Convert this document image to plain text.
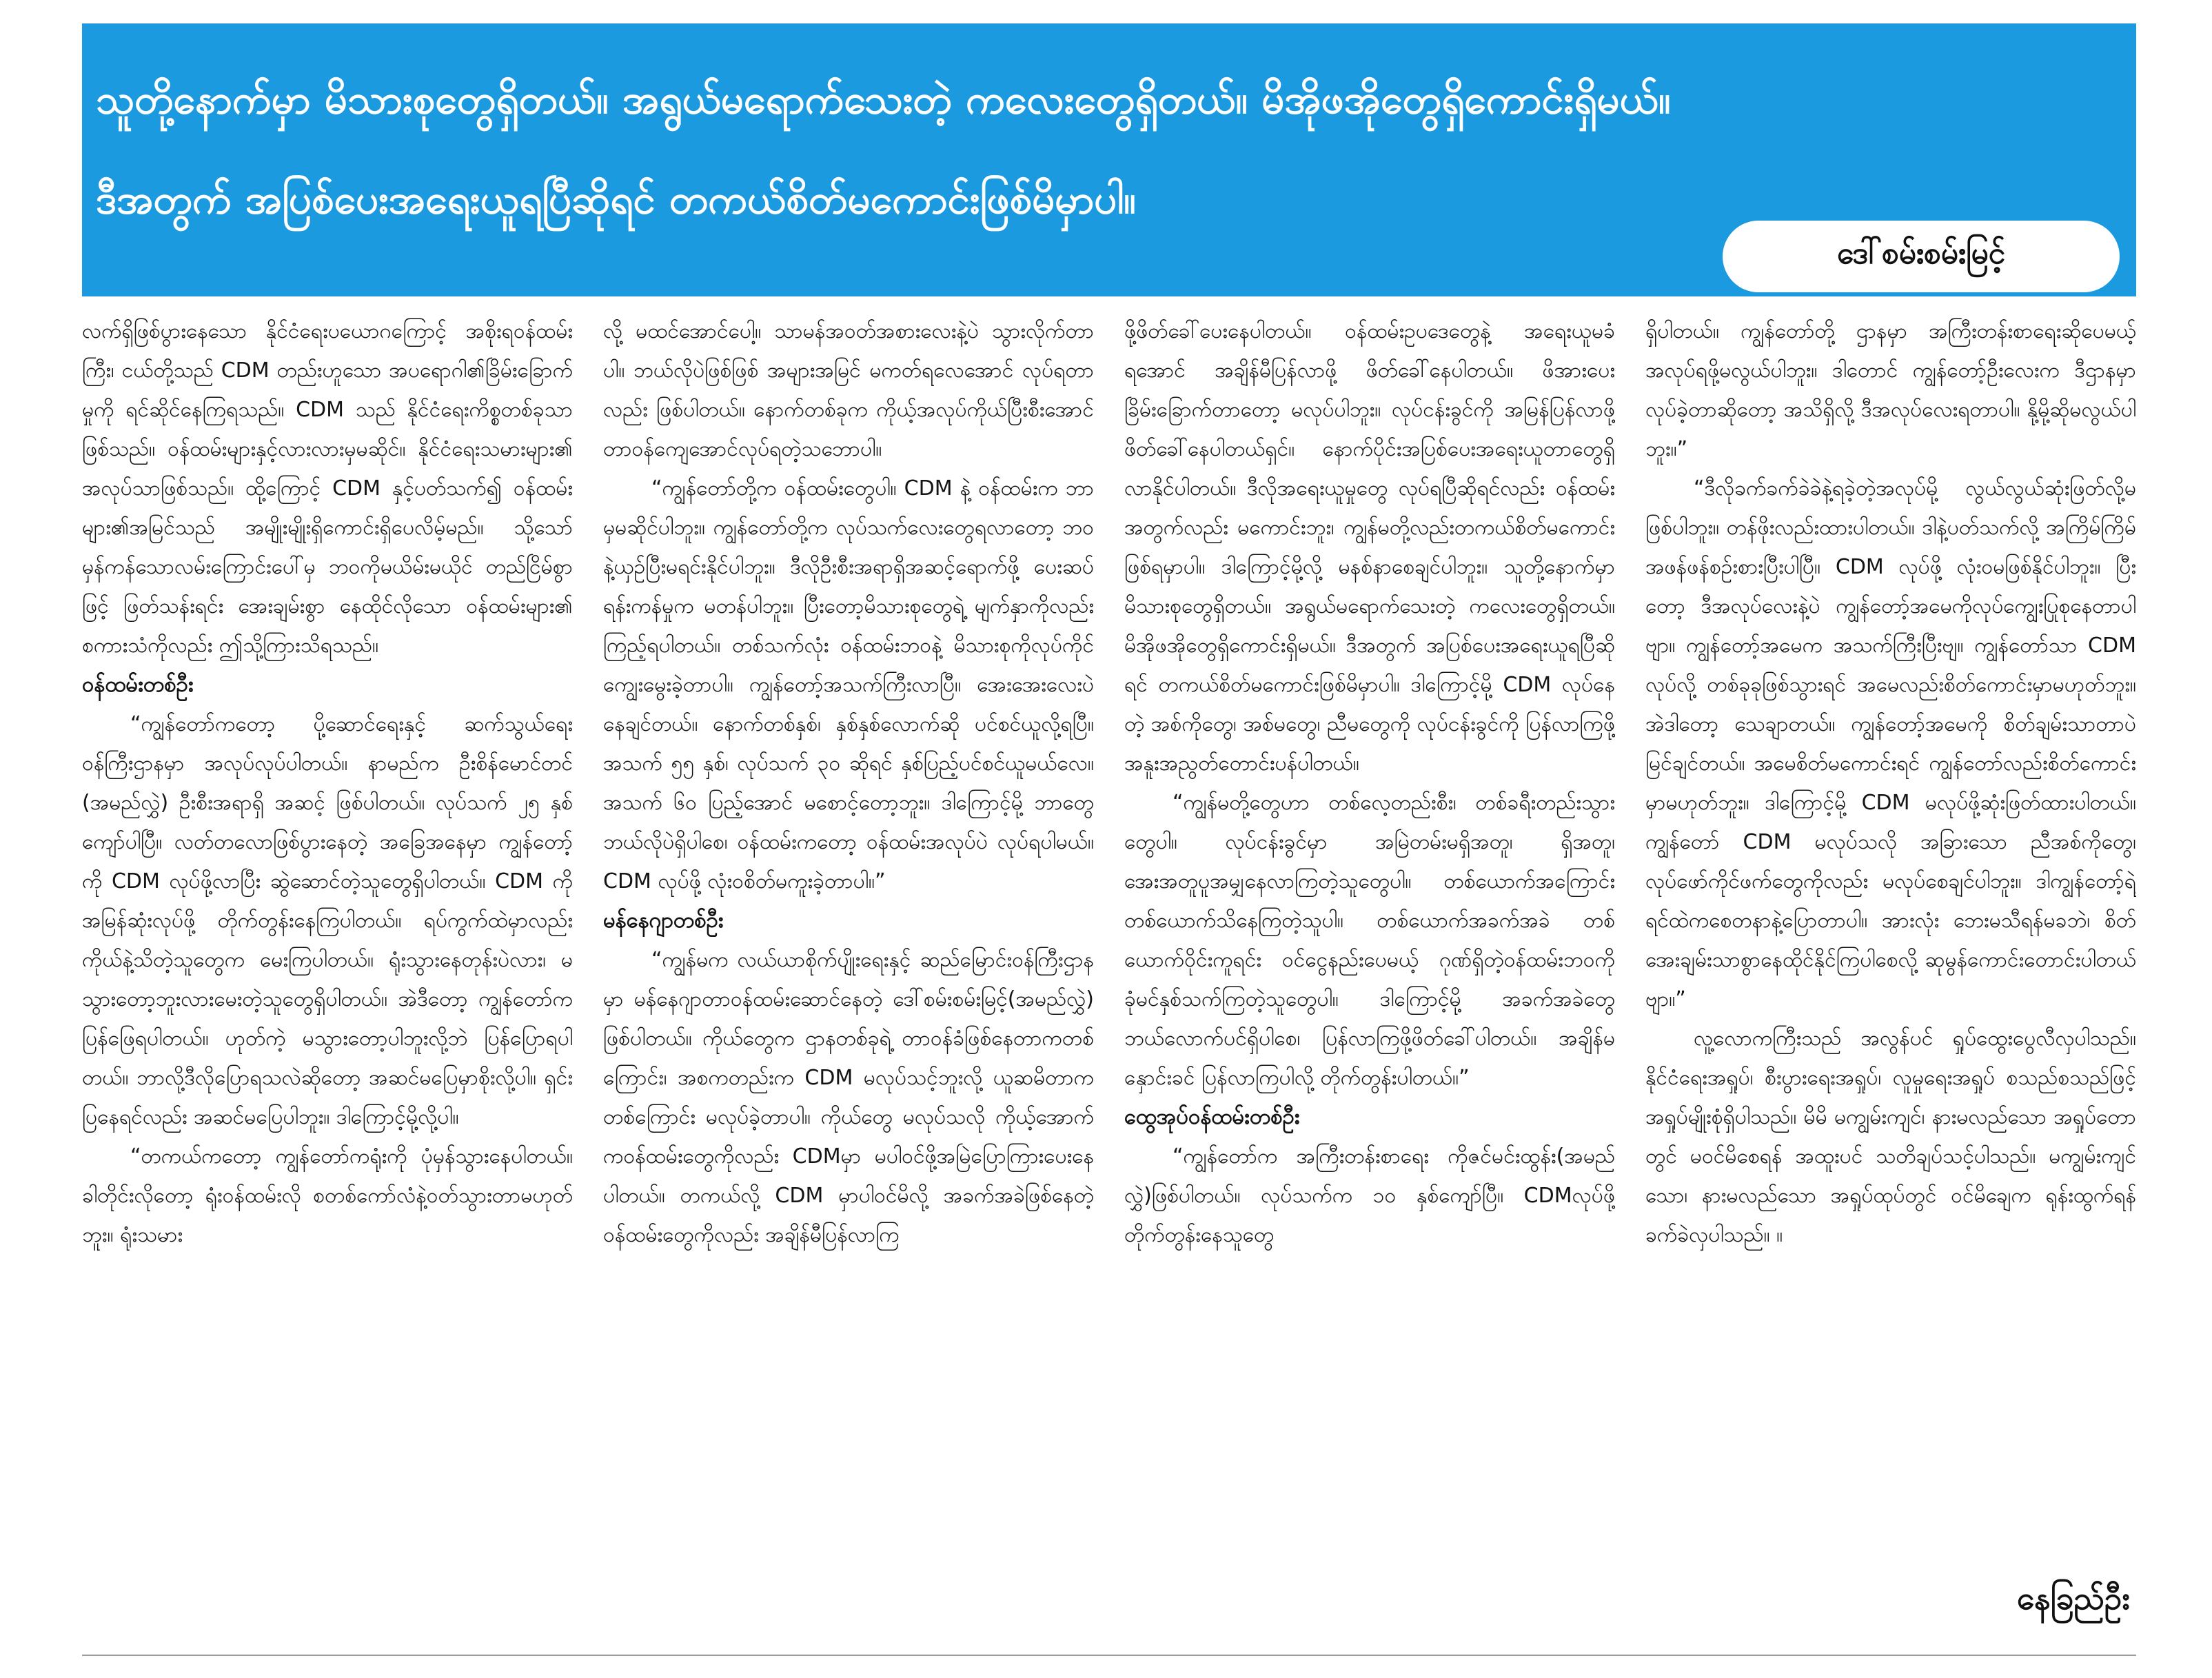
သူတို့နောက်မှာ မိသားစုတွေရှိတယ်။ အရွယ်မရောက်သေးတဲ့ ကလေးတွေရှိတယ်။ မိအိုဖအိုတွေရှိကောင်းရှိမယ်။
ဒီအတွက် အပြစ်ပေးအရေးယူရပြီဆိုရင် တကယ်စိတ်မကောင်းဖြစ်မိမှာပါ။
ဒေါ်စမ်းစမ်းမြင့်

လက်ရှိဖြစ်ပွားနေသော နိုင်ငံရေးပယောဂကြောင့် အစိုးရဝန်ထမ်းကြီး၊ ငယ်တို့သည် CDM တည်းဟူသော အပရောဂါ၏ခြိမ်းခြောက်မှုကို ရင်ဆိုင်နေကြရသည်။ CDM သည် နိုင်ငံရေးကိစ္စတစ်ခုသာဖြစ်သည်။ ဝန်ထမ်းများနှင့်လားလားမှမဆိုင်။ နိုင်ငံရေးသမားများ၏ အလုပ်သာဖြစ်သည်။ ထို့ကြောင့် CDM နှင့်ပတ်သက်၍ ဝန်ထမ်းများ၏အမြင်သည် အမျိုးမျိုးရှိကောင်းရှိပေလိမ့်မည်။ သို့သော် မှန်ကန်သောလမ်းကြောင်းပေါ်မှ ဘဝကိုမယိမ်းမယိုင် တည်ငြိမ်စွာဖြင့် ဖြတ်သန်းရင်း အေးချမ်းစွာ နေထိုင်လိုသော ဝန်ထမ်းများ၏ စကားသံကိုလည်း ဤသို့ကြားသိရသည်။

ဝန်ထမ်းတစ်ဦး

“ကျွန်တော်ကတော့ ပို့ဆောင်ရေးနှင့် ဆက်သွယ်ရေးဝန်ကြီးဌာနမှာ အလုပ်လုပ်ပါတယ်။ နာမည်က ဦးစိန်မောင်တင် (အမည်လွှဲ) ဦးစီးအရာရှိ အဆင့် ဖြစ်ပါတယ်။ လုပ်သက် ၂၅ နှစ်ကျော်ပါပြီ။ လတ်တလောဖြစ်ပွားနေတဲ့ အခြေအနေမှာ ကျွန်တော့်ကို CDM လုပ်ဖို့လာပြီး ဆွဲဆောင်တဲ့သူတွေရှိပါတယ်။ CDM ကို အမြန်ဆုံးလုပ်ဖို့ တိုက်တွန်းနေကြပါတယ်။ ရပ်ကွက်ထဲမှာလည်း ကိုယ်နဲ့သိတဲ့သူတွေက မေးကြပါတယ်။ ရုံးသွားနေတုန်းပဲလား၊ မသွားတော့ဘူးလားမေးတဲ့သူတွေရှိပါတယ်။ အဲဒီတော့ ကျွန်တော်က ပြန်ဖြေရပါတယ်။ ဟုတ်ကဲ့ မသွားတော့ပါဘူးလို့ဘဲ ပြန်ပြောရပါတယ်။ ဘာလို့ဒီလိုပြောရသလဲဆိုတော့ အဆင်မပြေမှာစိုးလို့ပါ။ ရှင်းပြနေရင်လည်း အဆင်မပြေပါဘူး။ ဒါကြောင့်မို့လို့ပါ။

“တကယ်ကတော့ ကျွန်တော်ကရုံးကို ပုံမှန်သွားနေပါတယ်။ ခါတိုင်းလိုတော့ ရုံးဝန်ထမ်းလို စတစ်ကော်လံနဲ့ဝတ်သွားတာမဟုတ်ဘူး။ ရုံးသမား

လို့ မထင်အောင်ပေါ့။ သာမန်အဝတ်အစားလေးနဲ့ပဲ သွားလိုက်တာပါ။ ဘယ်လိုပဲဖြစ်ဖြစ် အများအမြင် မကတ်ရလေအောင် လုပ်ရတာလည်း ဖြစ်ပါတယ်။ နောက်တစ်ခုက ကိုယ့်အလုပ်ကိုယ်ပြီးစီးအောင် တာဝန်ကျေအောင်လုပ်ရတဲ့သဘောပါ။

“ကျွန်တော်တို့က ဝန်ထမ်းတွေပါ။ CDM နဲ့ ဝန်ထမ်းက ဘာမှမဆိုင်ပါဘူး။ ကျွန်တော်တို့က လုပ်သက်လေးတွေရလာတော့ ဘဝနဲ့ယှဉ်ပြီးမရင်းနိုင်ပါဘူး။ ဒီလိုဦးစီးအရာရှိအဆင့်ရောက်ဖို့ ပေးဆပ်ရန်းကန်မှုက မတန်ပါဘူး။ ပြီးတော့မိသားစုတွေရဲ့ မျက်နှာကိုလည်း ကြည့်ရပါတယ်။ တစ်သက်လုံး ဝန်ထမ်းဘဝနဲ့ မိသားစုကိုလုပ်ကိုင်ကျွေးမွေးခဲ့တာပါ။ ကျွန်တော့်အသက်ကြီးလာပြီ။ အေးအေးလေးပဲနေချင်တယ်။ နောက်တစ်နှစ်၊ နှစ်နှစ်လောက်ဆို ပင်စင်ယူလို့ရပြီ။ အသက် ၅၅ နှစ်၊ လုပ်သက် ၃၀ ဆိုရင် နှစ်ပြည့်ပင်စင်ယူမယ်လေ။ အသက် ၆၀ ပြည့်အောင် မစောင့်တော့ဘူး။ ဒါကြောင့်မို့ ဘာတွေဘယ်လိုပဲရှိပါစေ၊ ဝန်ထမ်းကတော့ ဝန်ထမ်းအလုပ်ပဲ လုပ်ရပါမယ်။ CDM လုပ်ဖို့ လုံးဝစိတ်မကူးခဲ့တာပါ။”

မန်နေဂျာတစ်ဦး

“ကျွန်မက လယ်ယာစိုက်ပျိုးရေးနှင့် ဆည်မြောင်းဝန်ကြီးဌာနမှာ မန်နေဂျာတာဝန်ထမ်းဆောင်နေတဲ့ ဒေါ်စမ်းစမ်းမြင့်(အမည်လွှဲ) ဖြစ်ပါတယ်။ ကိုယ်တွေက ဌာနတစ်ခုရဲ့ တာဝန်ခံဖြစ်နေတာကတစ်ကြောင်း၊ အစကတည်းက CDM မလုပ်သင့်ဘူးလို့ ယူဆမိတာကတစ်ကြောင်း မလုပ်ခဲ့တာပါ။ ကိုယ်တွေ မလုပ်သလို ကိုယ့်အောက်ကဝန်ထမ်းတွေကိုလည်း CDMမှာ မပါဝင်ဖို့အမြဲပြောကြားပေးနေပါတယ်။ တကယ်လို့ CDM မှာပါဝင်မိလို့ အခက်အခဲဖြစ်နေတဲ့ ဝန်ထမ်းတွေကိုလည်း အချိန်မီပြန်လာကြ

ဖို့ဖိတ်ခေါ်ပေးနေပါတယ်။ ဝန်ထမ်းဥပဒေတွေနဲ့ အရေးယူမခံရအောင် အချိန်မီပြန်လာဖို့ ဖိတ်ခေါ်နေပါတယ်။ ဖိအားပေး ခြိမ်းခြောက်တာတော့ မလုပ်ပါဘူး။ လုပ်ငန်းခွင်ကို အမြန်ပြန်လာဖို့ ဖိတ်ခေါ်နေပါတယ်ရှင်။ နောက်ပိုင်းအပြစ်ပေးအရေးယူတာတွေရှိလာနိုင်ပါတယ်။ ဒီလိုအရေးယူမှုတွေ လုပ်ရပြီဆိုရင်လည်း ဝန်ထမ်းအတွက်လည်း မကောင်းဘူး၊ ကျွန်မတို့လည်းတကယ်စိတ်မကောင်းဖြစ်ရမှာပါ။ ဒါကြောင့်မို့လို့ မနစ်နာစေချင်ပါဘူး။ သူတို့နောက်မှာ မိသားစုတွေရှိတယ်။ အရွယ်မရောက်သေးတဲ့ ကလေးတွေရှိတယ်။ မိအိုဖအိုတွေရှိကောင်းရှိမယ်။ ဒီအတွက် အပြစ်ပေးအရေးယူရပြီဆိုရင် တကယ်စိတ်မကောင်းဖြစ်မိမှာပါ။ ဒါကြောင့်မို့ CDM လုပ်နေတဲ့ အစ်ကိုတွေ၊ အစ်မတွေ၊ ညီမတွေကို လုပ်ငန်းခွင်ကို ပြန်လာကြဖို့ အနူးအညွတ်တောင်းပန်ပါတယ်။

“ကျွန်မတို့တွေဟာ တစ်လေ့တည်းစီး၊ တစ်ခရီးတည်းသွားတွေပါ။ လုပ်ငန်းခွင်မှာ အမြဲတမ်းမရှိအတူ၊ ရှိအတူ၊ အေးအတူပူအမျှနေလာကြတဲ့သူတွေပါ။ တစ်ယောက်အကြောင်း တစ်ယောက်သိနေကြတဲ့သူပါ။ တစ်ယောက်အခက်အခဲ တစ်ယောက်ဝိုင်းကူရင်း ဝင်ငွေနည်းပေမယ့် ဂုဏ်ရှိတဲ့ဝန်ထမ်းဘဝကို ခုံမင်နှစ်သက်ကြတဲ့သူတွေပါ။ ဒါကြောင့်မို့ အခက်အခဲတွေဘယ်လောက်ပင်ရှိပါစေ၊ ပြန်လာကြဖို့ဖိတ်ခေါ်ပါတယ်။ အချိန်မနှောင်းခင် ပြန်လာကြပါလို့ တိုက်တွန်းပါတယ်။”

ထွေအုပ်ဝန်ထမ်းတစ်ဦး

“ကျွန်တော်က အကြီးတန်းစာရေး ကိုဇင်မင်းထွန်း(အမည်လွှဲ)ဖြစ်ပါတယ်။ လုပ်သက်က ၁၀ နှစ်ကျော်ပြီ။ CDMလုပ်ဖို့ တိုက်တွန်းနေသူတွေ

ရှိပါတယ်။ ကျွန်တော်တို့ ဌာနမှာ အကြီးတန်းစာရေးဆိုပေမယ့်အလုပ်ရဖို့မလွယ်ပါဘူး။ ဒါတောင် ကျွန်တော့်ဦးလေးက ဒီဌာနမှာလုပ်ခဲ့တာဆိုတော့ အသိရှိလို့ ဒီအလုပ်လေးရတာပါ။ နို့မို့ဆိုမလွယ်ပါဘူး။”

“ဒီလိုခက်ခက်ခဲခဲနဲ့ရခဲ့တဲ့အလုပ်မို့ လွယ်လွယ်ဆုံးဖြတ်လို့မဖြစ်ပါဘူး။ တန်ဖိုးလည်းထားပါတယ်။ ဒါနဲ့ပတ်သက်လို့ အကြိမ်ကြိမ် အဖန်ဖန်စဉ်းစားပြီးပါပြီ။ CDM လုပ်ဖို့ လုံးဝမဖြစ်နိုင်ပါဘူး။ ပြီးတော့ ဒီအလုပ်လေးနဲ့ပဲ ကျွန်တော့်အမေကိုလုပ်ကျွေးပြုစုနေတာပါဗျာ။ ကျွန်တော့်အမေက အသက်ကြီးပြီးဗျ။ ကျွန်တော်သာ CDM လုပ်လို့ တစ်ခုခုဖြစ်သွားရင် အမေလည်းစိတ်ကောင်းမှာမဟုတ်ဘူး။ အဲဒါတော့ သေချာတယ်။ ကျွန်တော့်အမေကို စိတ်ချမ်းသာတာပဲ မြင်ချင်တယ်။ အမေစိတ်မကောင်းရင် ကျွန်တော်လည်းစိတ်ကောင်းမှာမဟုတ်ဘူး။ ဒါကြောင့်မို့ CDM မလုပ်ဖို့ဆုံးဖြတ်ထားပါတယ်။ ကျွန်တော် CDM မလုပ်သလို အခြားသော ညီအစ်ကိုတွေ၊ လုပ်ဖော်ကိုင်ဖက်တွေကိုလည်း မလုပ်စေချင်ပါဘူး။ ဒါကျွန်တော့်ရဲ့ ရင်ထဲကစေတနာနဲ့ပြောတာပါ။ အားလုံး ဘေးမသီရန်မခဘဲ၊ စိတ်အေးချမ်းသာစွာနေထိုင်နိုင်ကြပါစေလို့ ဆုမွန်ကောင်းတောင်းပါတယ်ဗျာ။”

လူ့လောကကြီးသည် အလွန်ပင် ရှုပ်ထွေးပွေလီလှပါသည်။ နိုင်ငံရေးအရှုပ်၊ စီးပွားရေးအရှုပ်၊ လူမှုရေးအရှုပ် စသည်စသည်ဖြင့် အရှုပ်မျိုးစုံရှိပါသည်။ မိမိ မကျွမ်းကျင်၊ နားမလည်သော အရှုပ်တောတွင် မဝင်မိစေရန် အထူးပင် သတိချပ်သင့်ပါသည်။ မကျွမ်းကျင်သော၊ နားမလည်သော အရှုပ်ထုပ်တွင် ဝင်မိချေက ရုန်းထွက်ရန်ခက်ခဲလှပါသည်။ ။

နေခြည်ဦး
